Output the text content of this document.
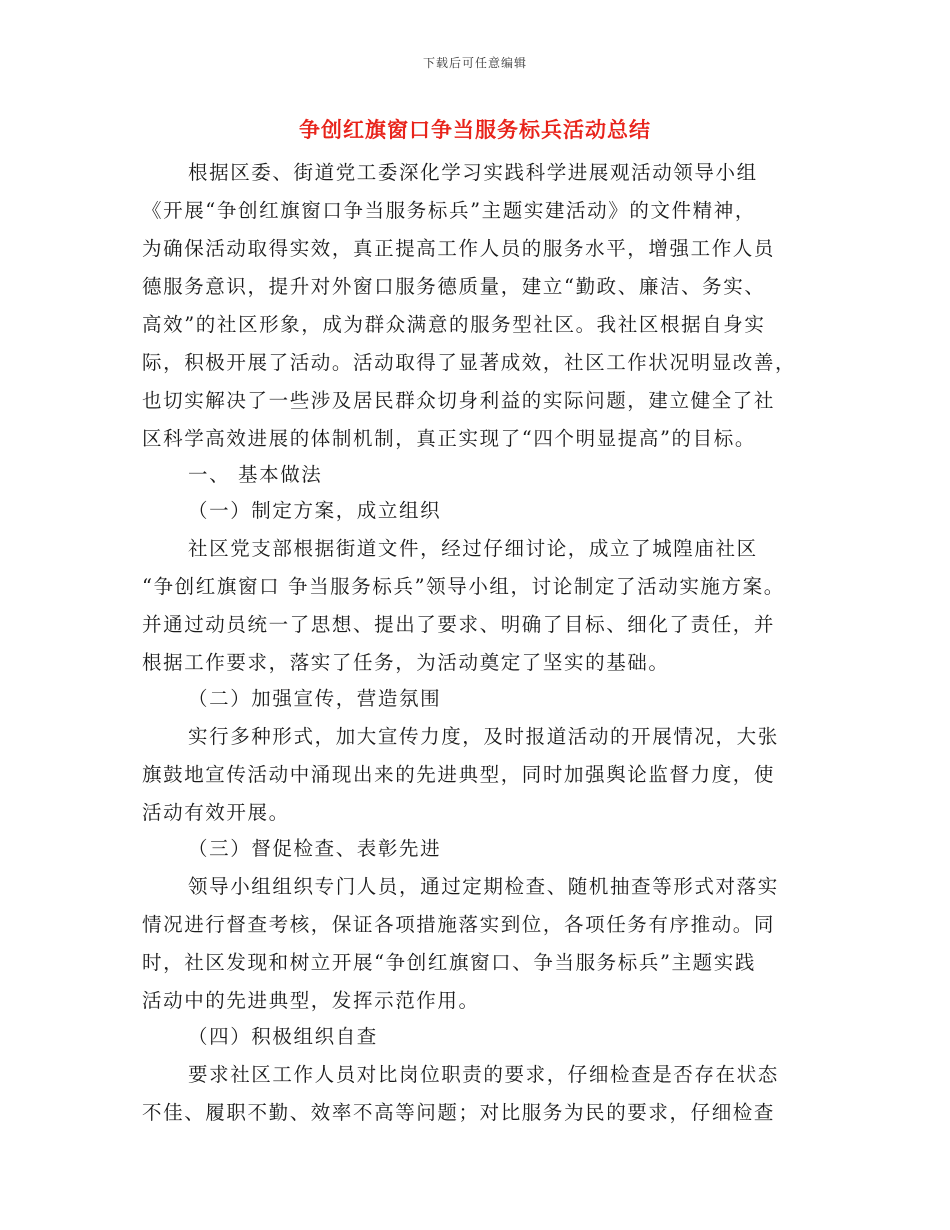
下载后可任意编辑
争创红旗窗口争当服务标兵活动总结
根据区委、街道党工委深化学习实践科学进展观活动领导小组
《开展“争创红旗窗口争当服务标兵”主题实建活动》的文件精神，
为确保活动取得实效，真正提高工作人员的服务水平，增强工作人员
德服务意识，提升对外窗口服务德质量，建立“勤政、廉洁、务实、
高效”的社区形象，成为群众满意的服务型社区。我社区根据自身实
际，积极开展了活动。活动取得了显著成效，社区工作状况明显改善，
也切实解决了一些涉及居民群众切身利益的实际问题，建立健全了社
区科学高效进展的体制机制，真正实现了“四个明显提高”的目标。
一、 基本做法
（一）制定方案，成立组织
社区党支部根据街道文件，经过仔细讨论，成立了城隍庙社区
“争创红旗窗口 争当服务标兵”领导小组，讨论制定了活动实施方案。
并通过动员统一了思想、提出了要求、明确了目标、细化了责任，并
根据工作要求，落实了任务，为活动奠定了坚实的基础。
（二）加强宣传，营造氛围
实行多种形式，加大宣传力度，及时报道活动的开展情况，大张
旗鼓地宣传活动中涌现出来的先进典型，同时加强舆论监督力度，使
活动有效开展。
（三）督促检查、表彰先进
领导小组组织专门人员，通过定期检查、随机抽查等形式对落实
情况进行督查考核，保证各项措施落实到位，各项任务有序推动。同
时，社区发现和树立开展“争创红旗窗口、争当服务标兵”主题实践
活动中的先进典型，发挥示范作用。
（四）积极组织自查
要求社区工作人员对比岗位职责的要求，仔细检查是否存在状态
不佳、履职不勤、效率不高等问题；对比服务为民的要求，仔细检查
